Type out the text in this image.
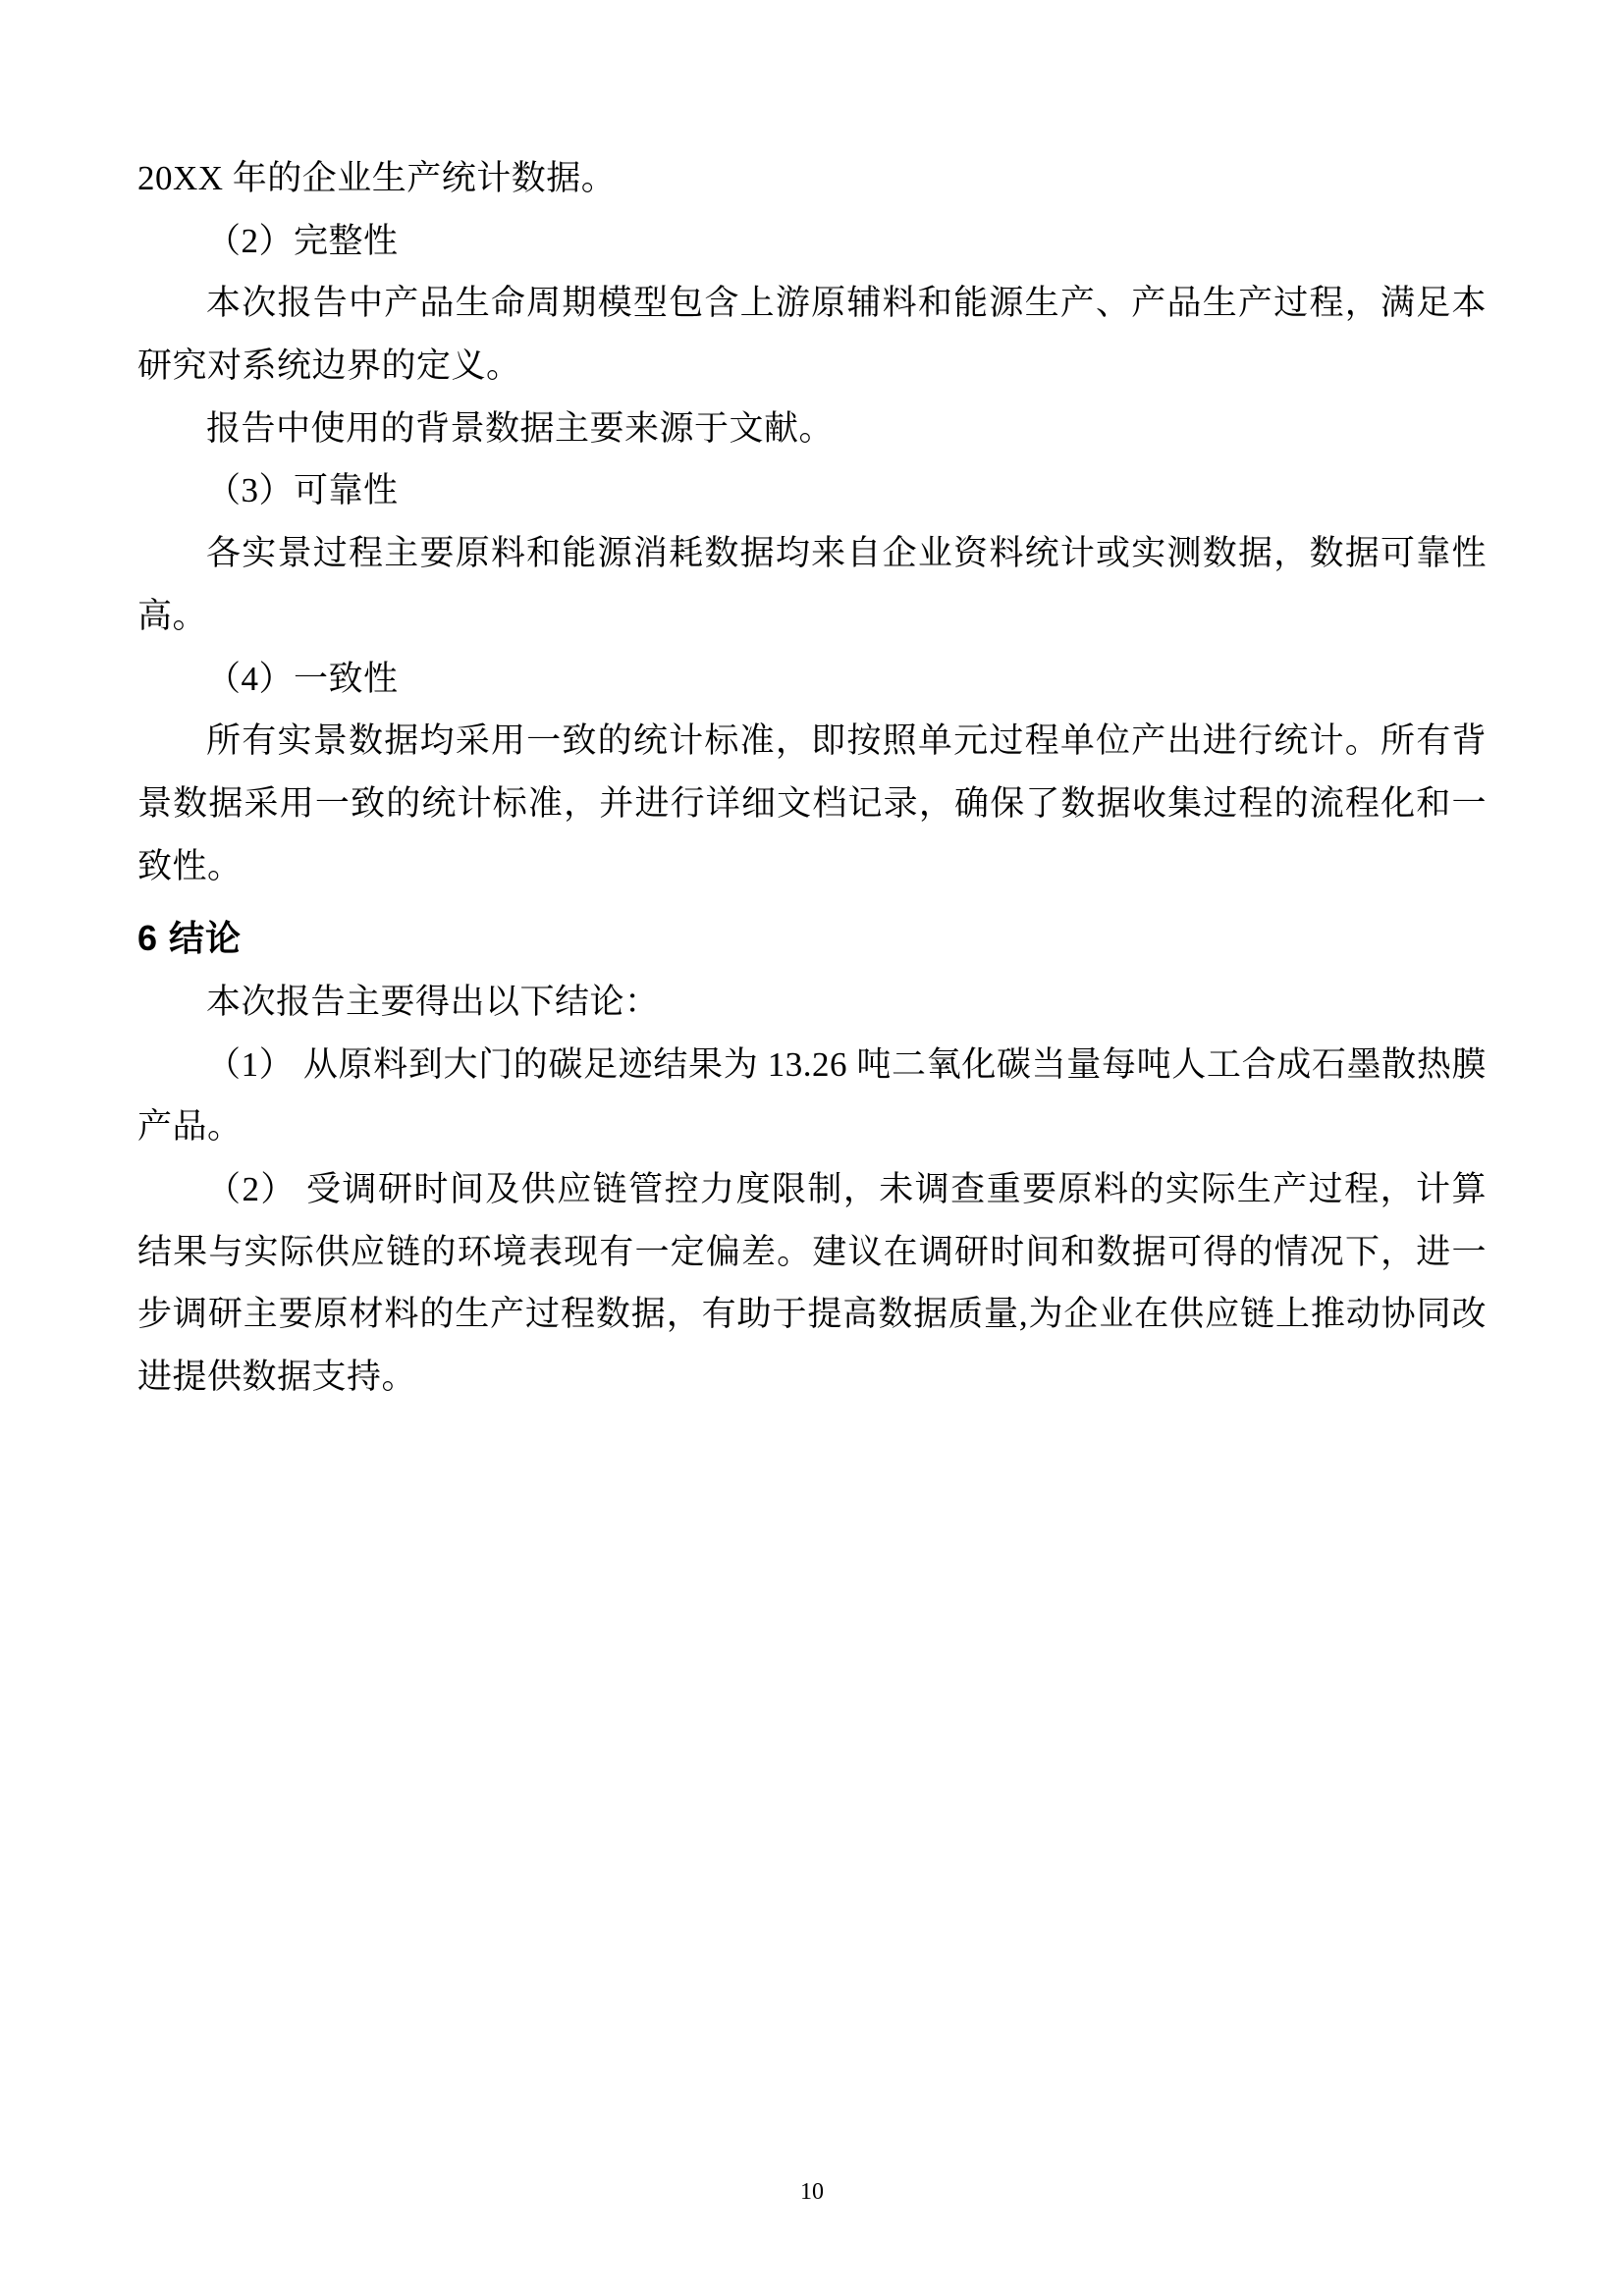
20XX 年的企业生产统计数据。

（2）完整性

本次报告中产品生命周期模型包含上游原辅料和能源生产、产品生产过程，满足本研究对系统边界的定义。

报告中使用的背景数据主要来源于文献。

（3）可靠性

各实景过程主要原料和能源消耗数据均来自企业资料统计或实测数据，数据可靠性高。

（4）一致性

所有实景数据均采用一致的统计标准，即按照单元过程单位产出进行统计。所有背景数据采用一致的统计标准，并进行详细文档记录，确保了数据收集过程的流程化和一致性。

6 结论

本次报告主要得出以下结论：

（1） 从原料到大门的碳足迹结果为 13.26 吨二氧化碳当量每吨人工合成石墨散热膜产品。

（2） 受调研时间及供应链管控力度限制，未调查重要原料的实际生产过程，计算结果与实际供应链的环境表现有一定偏差。建议在调研时间和数据可得的情况下，进一步调研主要原材料的生产过程数据，有助于提高数据质量,为企业在供应链上推动协同改进提供数据支持。

10
